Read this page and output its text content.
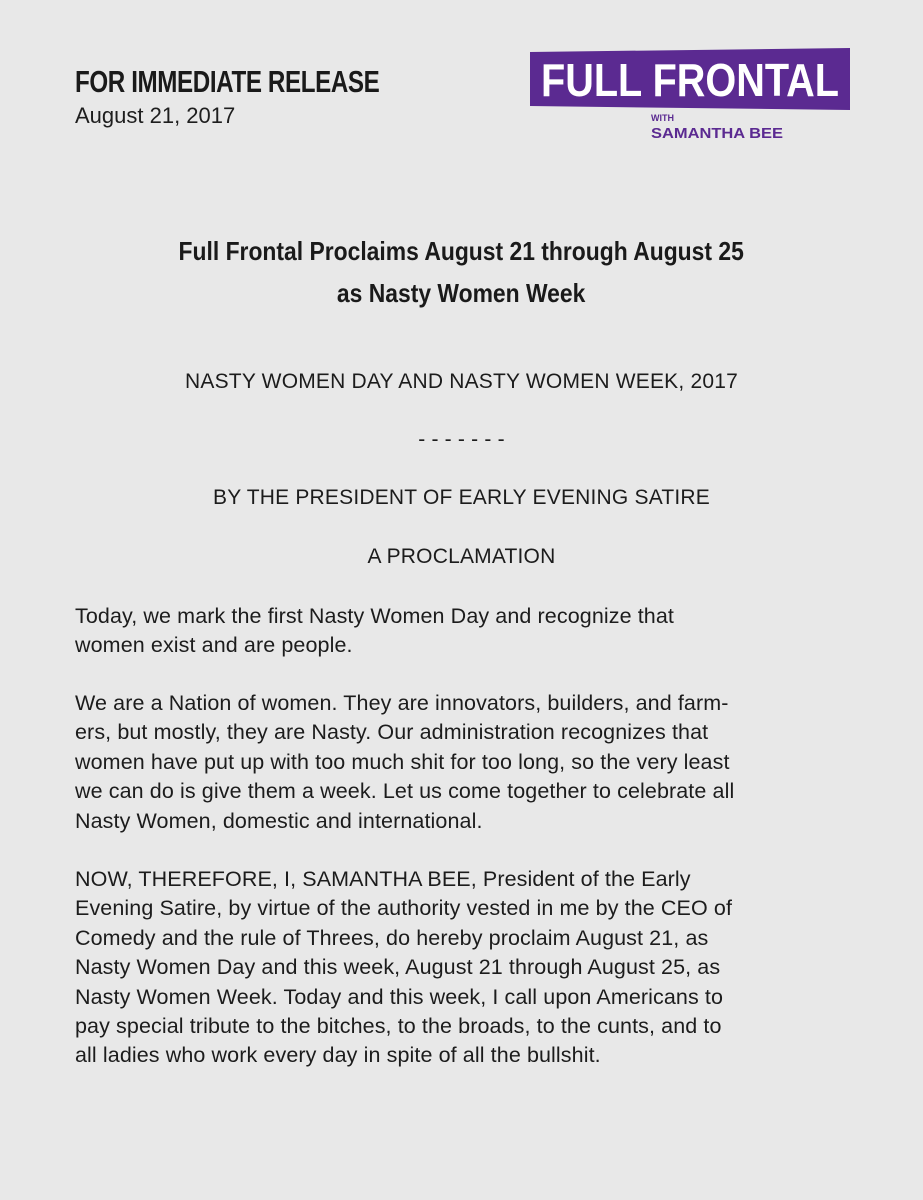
FOR IMMEDIATE RELEASE
August 21, 2017
FULL FRONTAL
WITH
SAMANTHA BEE
Full Frontal Proclaims August 21 through August 25
as Nasty Women Week
NASTY WOMEN DAY AND NASTY WOMEN WEEK, 2017
- - - - - - -
BY THE PRESIDENT OF EARLY EVENING SATIRE
A PROCLAMATION
Today, we mark the first Nasty Women Day and recognize that
women exist and are people.
We are a Nation of women. They are innovators, builders, and farm-
ers, but mostly, they are Nasty. Our administration recognizes that
women have put up with too much shit for too long, so the very least
we can do is give them a week. Let us come together to celebrate all
Nasty Women, domestic and international.
NOW, THEREFORE, I, SAMANTHA BEE, President of the Early
Evening Satire, by virtue of the authority vested in me by the CEO of
Comedy and the rule of Threes, do hereby proclaim August 21, as
Nasty Women Day and this week, August 21 through August 25, as
Nasty Women Week. Today and this week, I call upon Americans to
pay special tribute to the bitches, to the broads, to the cunts, and to
all ladies who work every day in spite of all the bullshit.
